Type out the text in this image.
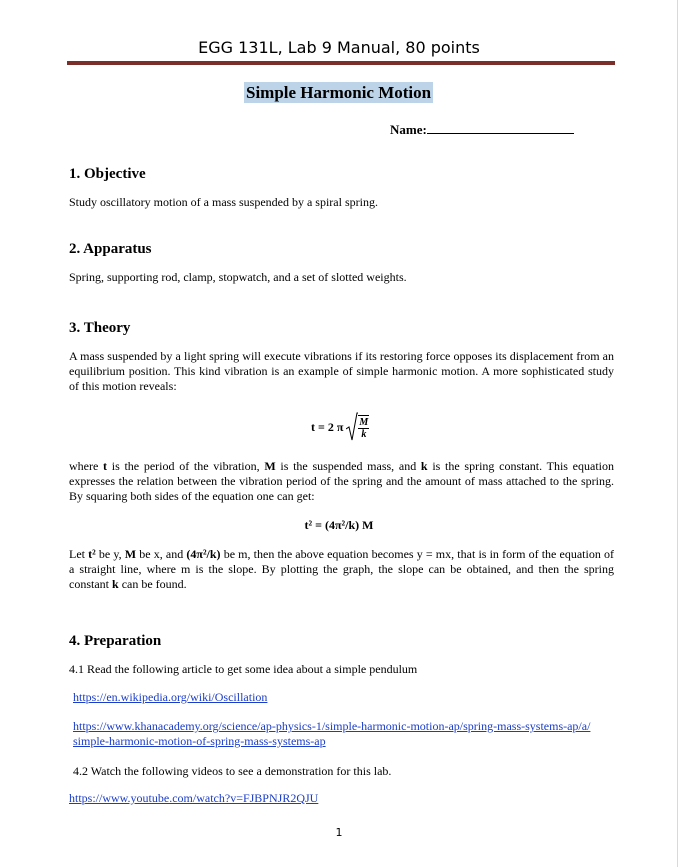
EGG 131L, Lab 9 Manual, 80 points
Simple Harmonic Motion
Name:
1. Objective
Study oscillatory motion of a mass suspended by a spiral spring.
2. Apparatus
Spring, supporting rod, clamp, stopwatch, and a set of slotted weights.
3. Theory
A mass suspended by a light spring will execute vibrations if its restoring force opposes its displacement from an equilibrium position. This kind vibration is an example of simple harmonic motion. A more sophisticated study of this motion reveals:
t = 2 π $\frac{M}{k}$
where t is the period of the vibration, M is the suspended mass, and k is the spring constant. This equation expresses the relation between the vibration period of the spring and the amount of mass attached to the spring. By squaring both sides of the equation one can get:
t² = (4π²/k) M
Let t² be y, M be x, and (4π²/k) be m, then the above equation becomes y = mx, that is in form of the equation of a straight line, where m is the slope. By plotting the graph, the slope can be obtained, and then the spring constant k can be found.
4. Preparation
4.1 Read the following article to get some idea about a simple pendulum
https://en.wikipedia.org/wiki/Oscillation
https://www.khanacademy.org/science/ap-physics-1/simple-harmonic-motion-ap/spring-mass-systems-ap/a/simple-harmonic-motion-of-spring-mass-systems-ap
4.2 Watch the following videos to see a demonstration for this lab.
https://www.youtube.com/watch?v=FJBPNJR2QJU
1
